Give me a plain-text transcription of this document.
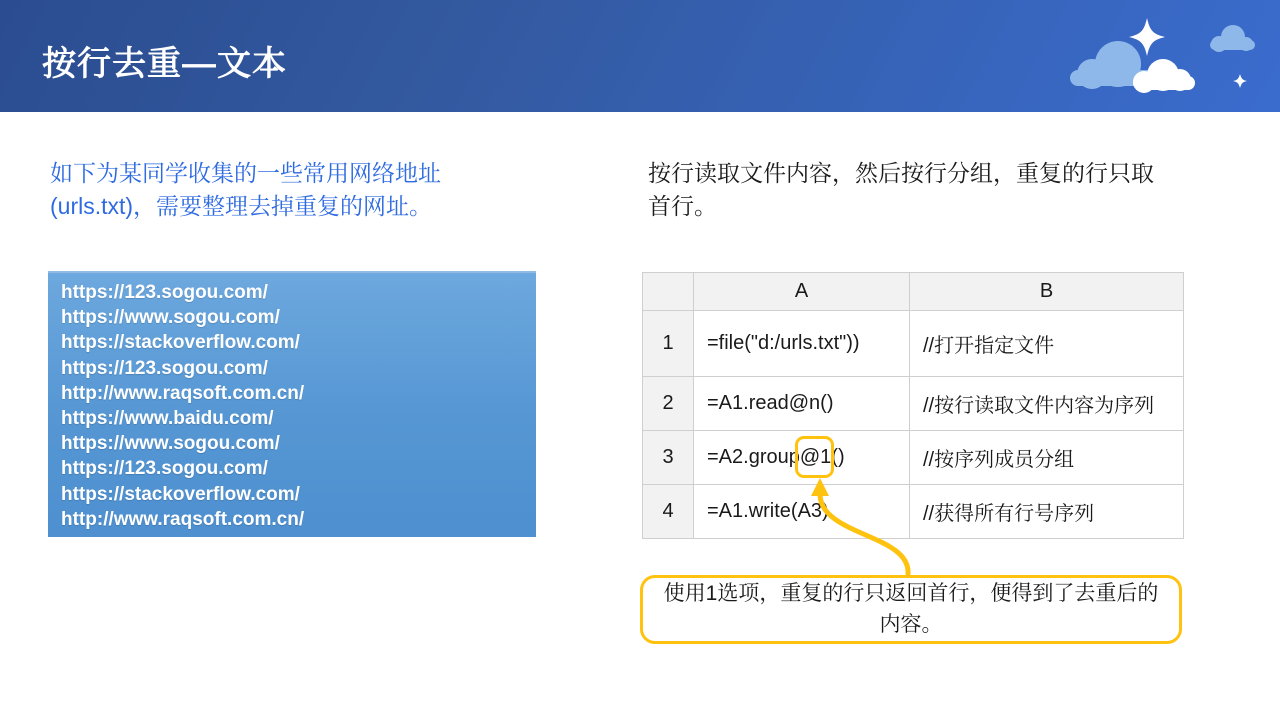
按行去重—文本
如下为某同学收集的一些常用网络地址(urls.txt)，需要整理去掉重复的网址。
https://123.sogou.com/
https://www.sogou.com/
https://stackoverflow.com/
https://123.sogou.com/
http://www.raqsoft.com.cn/
https://www.baidu.com/
https://www.sogou.com/
https://123.sogou.com/
https://stackoverflow.com/
http://www.raqsoft.com.cn/
按行读取文件内容，然后按行分组，重复的行只取首行。
A	B
1	=file("d:/urls.txt"))	//打开指定文件
2	=A1.read@n()	//按行读取文件内容为序列
3	=A2.group @1 ()	//按序列成员分组
4	=A1.write(A3)	//获得所有行号序列
使用1选项，重复的行只返回首行，便得到了去重后的内容。
